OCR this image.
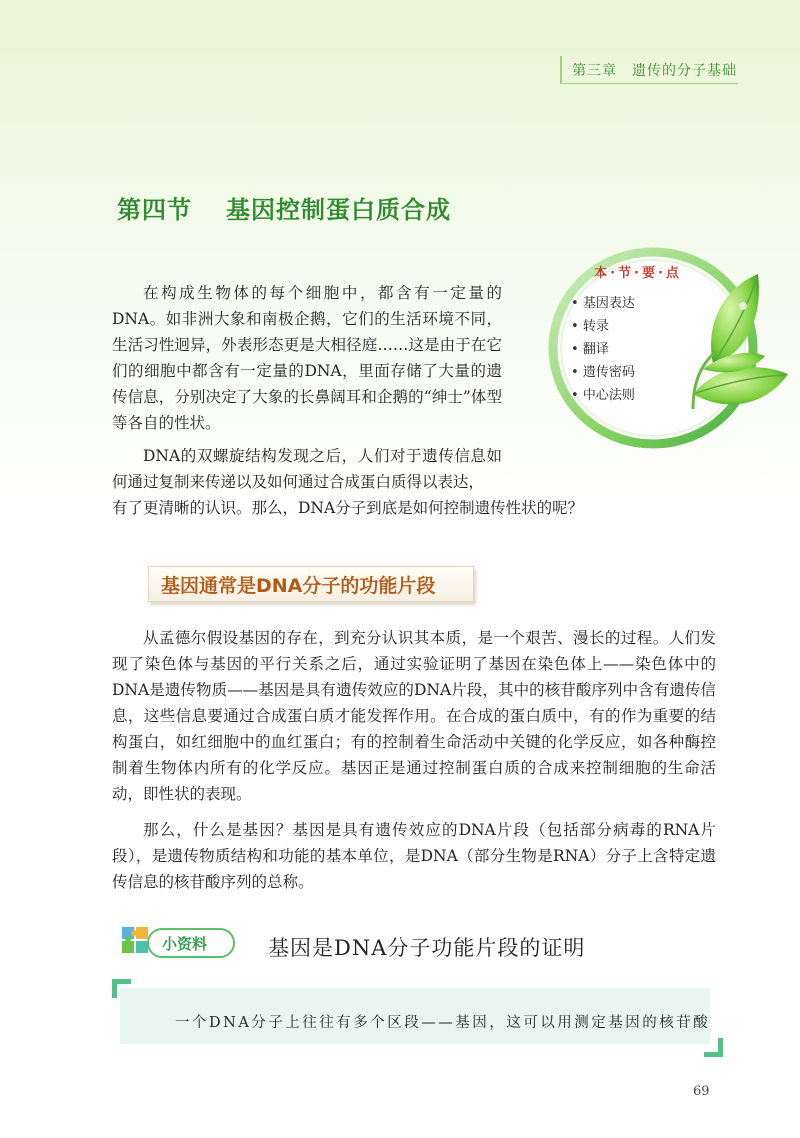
第三章　遗传的分子基础
第四节 基因控制蛋白质合成
在构成生物体的每个细胞中，都含有一定量的DNA。如非洲大象和南极企鹅，它们的生活环境不同，生活习性迥异，外表形态更是大相径庭……这是由于在它们的细胞中都含有一定量的DNA，里面存储了大量的遗传信息，分别决定了大象的长鼻阔耳和企鹅的“绅士”体型等各自的性状。
DNA的双螺旋结构发现之后，人们对于遗传信息如何通过复制来传递以及如何通过合成蛋白质得以表达，
有了更清晰的认识。那么，DNA分子到底是如何控制遗传性状的呢？
本·节·要·点
• 基因表达
• 转录
• 翻译
• 遗传密码
• 中心法则
基因通常是DNA分子的功能片段
从孟德尔假设基因的存在，到充分认识其本质，是一个艰苦、漫长的过程。人们发现了染色体与基因的平行关系之后，通过实验证明了基因在染色体上——染色体中的DNA是遗传物质——基因是具有遗传效应的DNA片段，其中的核苷酸序列中含有遗传信息，这些信息要通过合成蛋白质才能发挥作用。在合成的蛋白质中，有的作为重要的结构蛋白，如红细胞中的血红蛋白；有的控制着生命活动中关键的化学反应，如各种酶控制着生物体内所有的化学反应。基因正是通过控制蛋白质的合成来控制细胞的生命活动，即性状的表现。
那么，什么是基因？基因是具有遗传效应的DNA片段（包括部分病毒的RNA片段），是遗传物质结构和功能的基本单位，是DNA（部分生物是RNA）分子上含特定遗传信息的核苷酸序列的总称。
小资料	基因是DNA分子功能片段的证明
一个DNA分子上往往有多个区段——基因，这可以用测定基因的核苷酸
69
